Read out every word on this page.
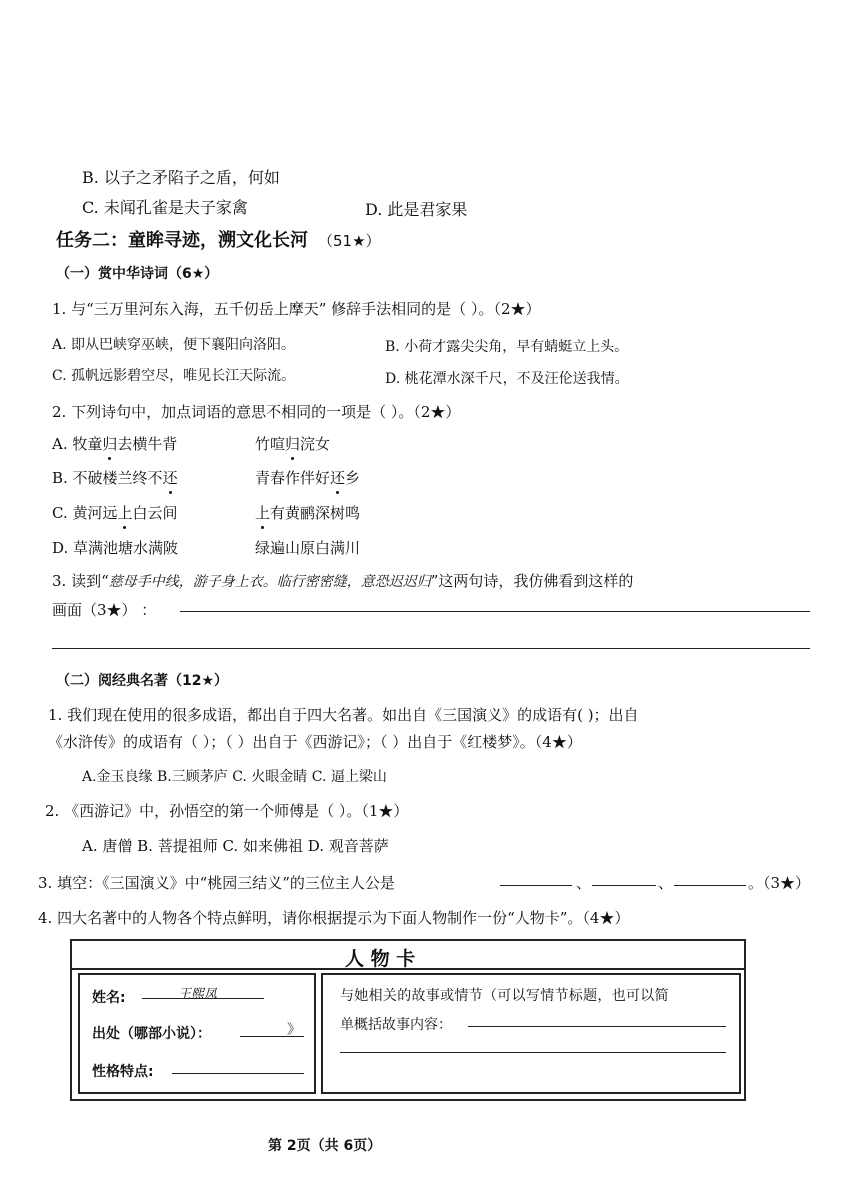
B. 以子之矛陷子之盾，何如
C. 未闻孔雀是夫子家禽	D. 此是君家果
任务二：童眸寻迹，溯文化长河 （51★）
（一）赏中华诗词（6★）
1. 与“三万里河东入海，五千仞岳上摩天” 修辞手法相同的是（ ）。（2★）
A. 即从巴峡穿巫峡，便下襄阳向洛阳。	B. 小荷才露尖尖角，早有蜻蜓立上头。
C. 孤帆远影碧空尽，唯见长江天际流。	D. 桃花潭水深千尺，不及汪伦送我情。
2. 下列诗句中，加点词语的意思不相同的一项是（ ）。（2★）
A. 牧童归去横牛背	竹喧归浣女
B. 不破楼兰终不还	青春作伴好还乡
C. 黄河远上白云间	上有黄鹂深树鸣
D. 草满池塘水满陂	绿遍山原白满川
3. 读到“慈母手中线，游子身上衣。临行密密缝，意恐迟迟归”这两句诗，我仿佛看到这样的
画面（3★） ：
（二）阅经典名著（12★）
1. 我们现在使用的很多成语，都出自于四大名著。如出自《三国演义》的成语有( )；出自
《水浒传》的成语有（ ）；（ ）出自于《西游记》；（ ）出自于《红楼梦》。（4★）
A.金玉良缘 B.三顾茅庐 C. 火眼金睛 C. 逼上梁山
2. 《西游记》中，孙悟空的第一个师傅是（ ）。（1★）
A. 唐僧 B. 菩提祖师 C. 如来佛祖 D. 观音菩萨
3. 填空：《三国演义》中“桃园三结义”的三位主人公是	、	、	。（3★）
4. 四大名著中的人物各个特点鲜明，请你根据提示为下面人物制作一份“人物卡”。（4★）
人 物 卡
姓名:	王熙凤
出处（哪部小说）：	》
性格特点:
与她相关的故事或情节（可以写情节标题，也可以简
单概括故事内容：
第 2页（共 6页）
